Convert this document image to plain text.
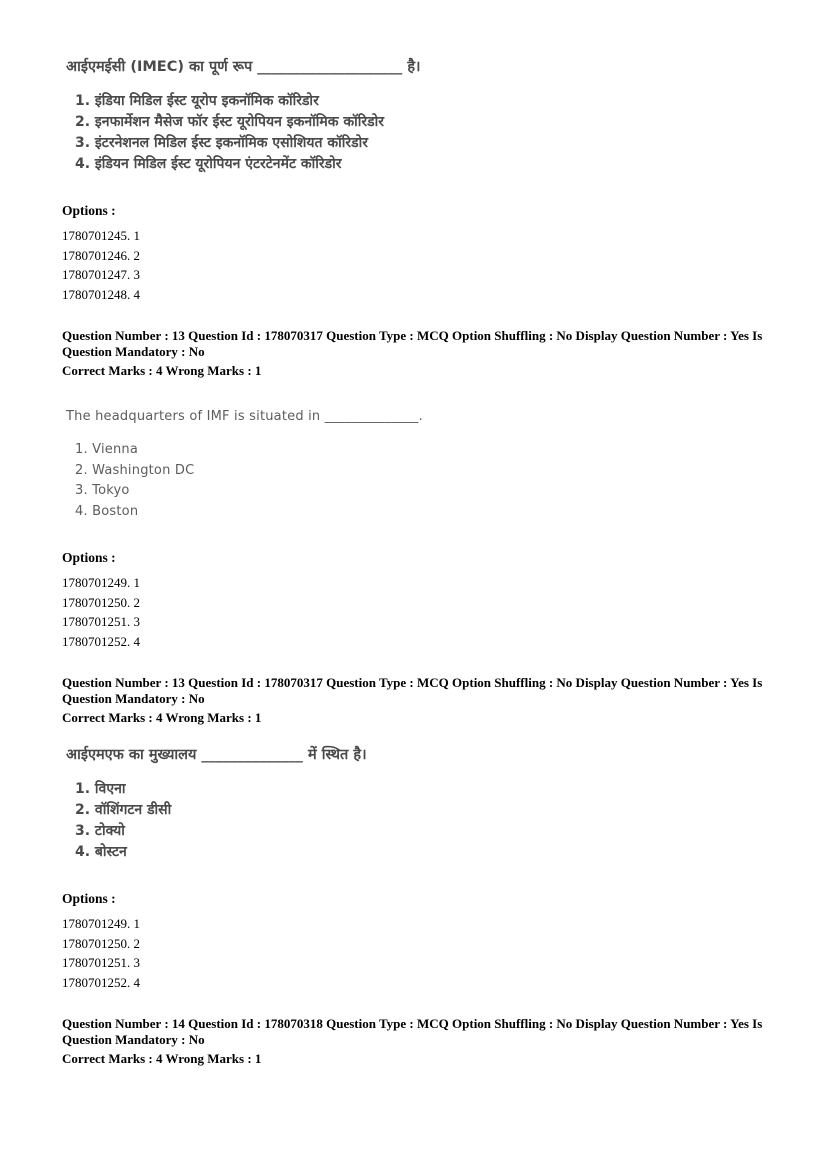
आईएमईसी (IMEC) का पूर्ण रूप ____________________ है।
1. इंडिया मिडिल ईस्ट यूरोप इकनॉमिक कॉरिडोर
2. इनफार्मेशन मैसेज फॉर ईस्ट यूरोपियन इकनॉमिक कॉरिडोर
3. इंटरनेशनल मिडिल ईस्ट इकनॉमिक एसोशियत कॉरिडोर
4. इंडियन मिडिल ईस्ट यूरोपियन एंटरटेनमेंट कॉरिडोर
Options :
1780701245. 1
1780701246. 2
1780701247. 3
1780701248. 4

Question Number : 13 Question Id : 178070317 Question Type : MCQ Option Shuffling : No Display Question Number : Yes Is Question Mandatory : No

Correct Marks : 4 Wrong Marks : 1

The headquarters of IMF is situated in ______________.
1. Vienna
2. Washington DC
3. Tokyo
4. Boston
Options :
1780701249. 1
1780701250. 2
1780701251. 3
1780701252. 4

Question Number : 13 Question Id : 178070317 Question Type : MCQ Option Shuffling : No Display Question Number : Yes Is Question Mandatory : No

Correct Marks : 4 Wrong Marks : 1

आईएमएफ का मुख्यालय ______________ में स्थित है।
1. विएना
2. वॉशिंगटन डीसी
3. टोक्यो
4. बोस्टन
Options :
1780701249. 1
1780701250. 2
1780701251. 3
1780701252. 4

Question Number : 14 Question Id : 178070318 Question Type : MCQ Option Shuffling : No Display Question Number : Yes Is Question Mandatory : No

Correct Marks : 4 Wrong Marks : 1
